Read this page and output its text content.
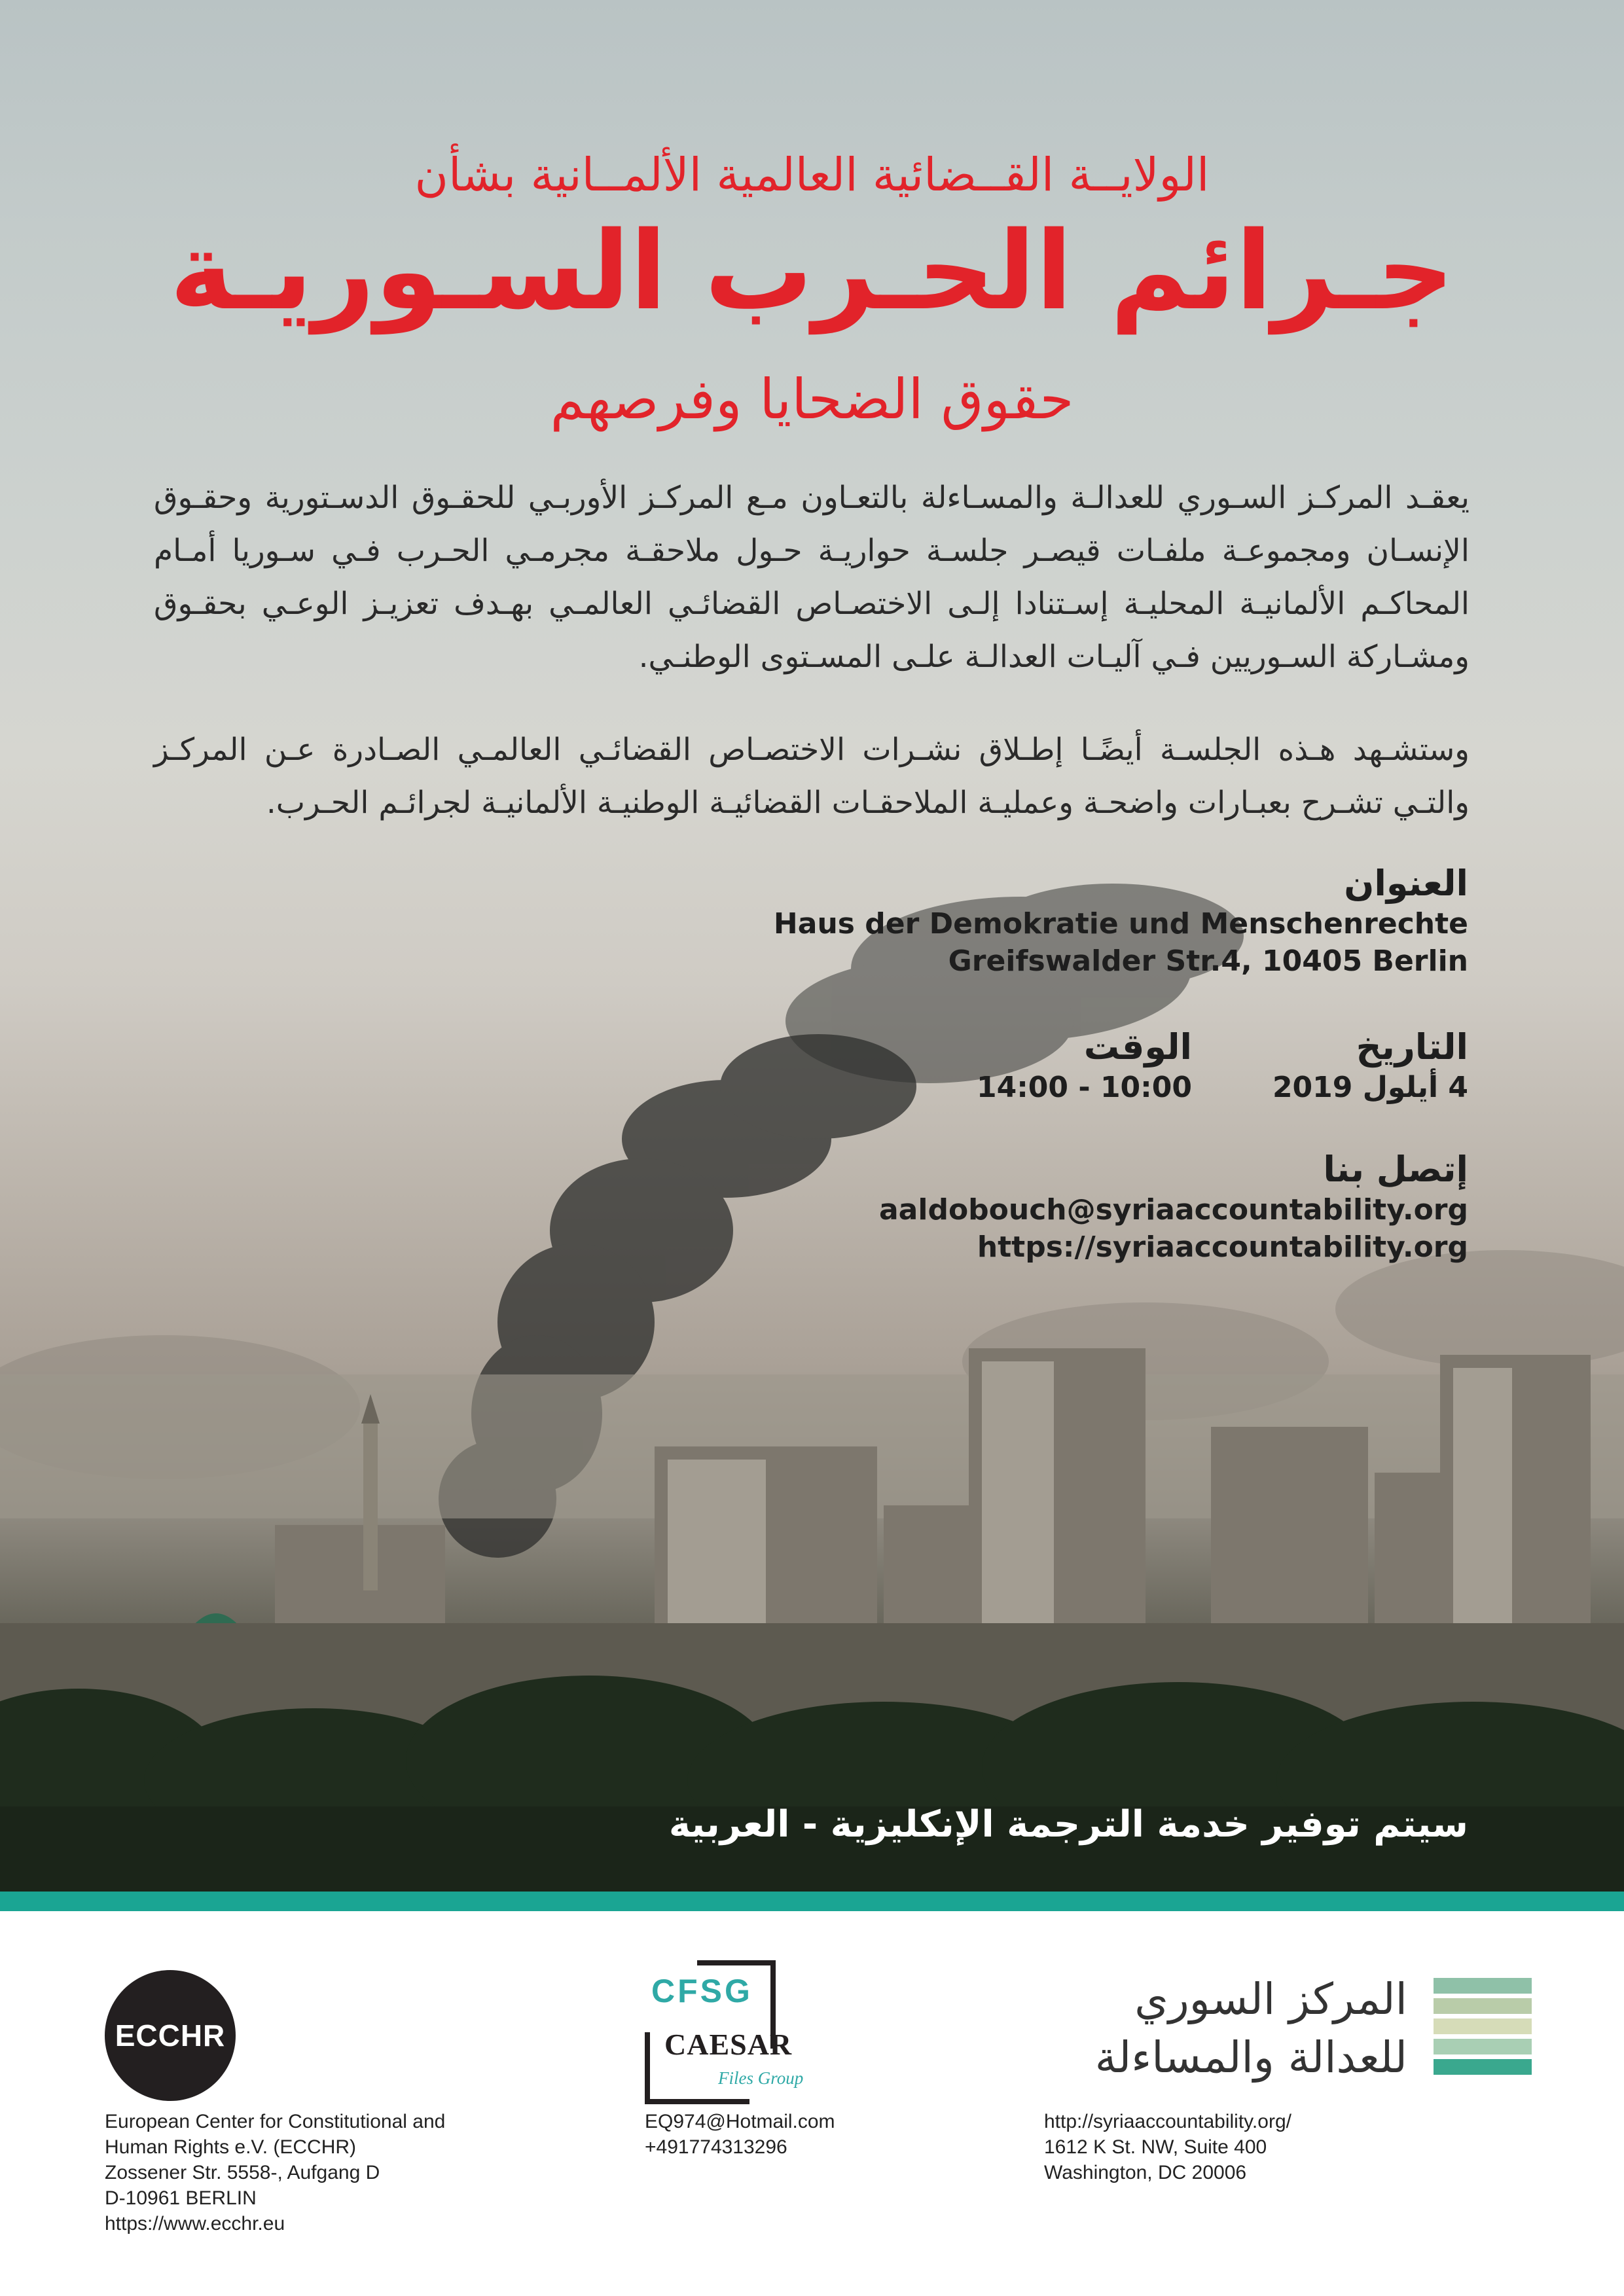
الولايــة القــضائية العالمية الألمــانية بشأن
جـرائم الحـرب السـوريـة
حقوق الضحايا وفرصهم

يعقـد المركـز السـوري للعدالـة والمسـاءلة بالتعـاون مـع المركـز الأوربـي للحقـوق الدسـتورية وحقـوق الإنسـان ومجموعـة ملفـات قيصـر جلسـة حواريـة حـول ملاحقـة مجرمـي الحـرب فـي سـوريا أمـام المحاكـم الألمانيـة المحليـة إسـتنادا إلـى الاختصـاص القضائـي العالمـي بهـدف تعزيـز الوعـي بحقـوق ومشـاركة السـوريين فـي آليـات العدالـة علـى المسـتوى الوطنـي.

وستشـهد هـذه الجلسـة أيضًـا إطـلاق نشـرات الاختصـاص القضائـي العالمـي الصـادرة عـن المركـز والتـي تشـرح بعبـارات واضحـة وعمليـة الملاحقـات القضائيـة الوطنيـة الألمانيـة لجرائـم الحـرب.

العنوان
Haus der Demokratie und Menschenrechte
Greifswalder Str.4, 10405 Berlin
التاريخ
4 أيلول 2019
الوقت
14:00 - 10:00
إتصل بنا
aaldobouch@syriaaccountability.org
https://syriaaccountability.org
سيتم توفير خدمة الترجمة الإنكليزية - العربية
ECCHR
CFSG
CAESAR
Files Group
المركز السوري
للعدالة والمساءلة
European Center for Constitutional and
Human Rights e.V. (ECCHR)
Zossener Str. 5558-, Aufgang D
D-10961 BERLIN
https://www.ecchr.eu
EQ974@Hotmail.com
+491774313296
http://syriaaccountability.org/
1612 K St. NW, Suite 400
Washington, DC 20006
